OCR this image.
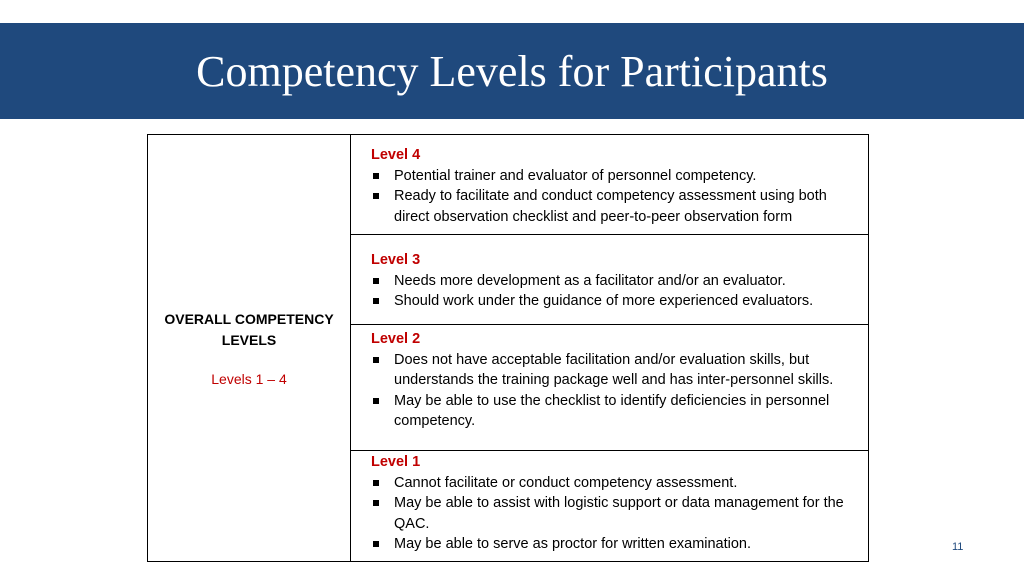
Competency Levels for Participants
OVERALL COMPETENCY
LEVELS
Levels 1 – 4

Level 4
Potential trainer and evaluator of personnel competency.
Ready to facilitate and conduct competency assessment using both direct observation checklist and peer-to-peer observation form

Level 3
Needs more development as a facilitator and/or an evaluator.
Should work under the guidance of more experienced evaluators.

Level 2
Does not have acceptable facilitation and/or evaluation skills, but understands the training package well and has inter-personnel skills.
May be able to use the checklist to identify deficiencies in personnel competency.

Level 1
Cannot facilitate or conduct competency assessment.
May be able to assist with logistic support or data management for the QAC.
May be able to serve as proctor for written examination.	11
